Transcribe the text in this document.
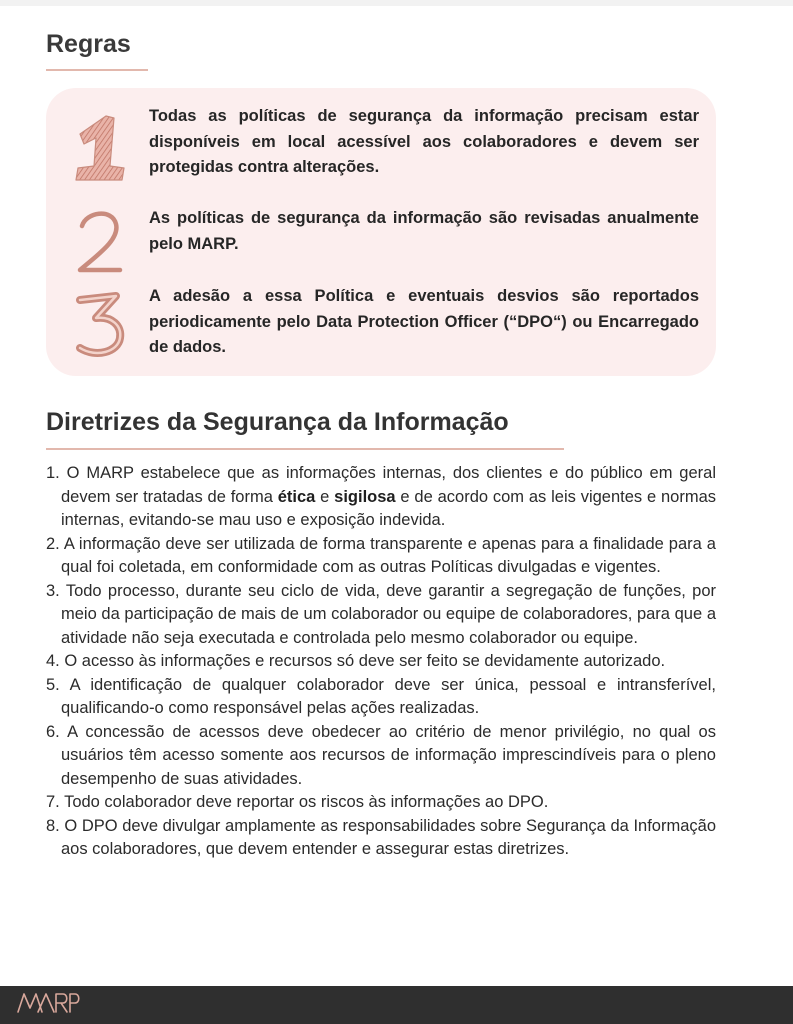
Regras

Todas as políticas de segurança da informação precisam estar disponíveis em local acessível aos colaboradores e devem ser protegidas contra alterações.

As políticas de segurança da informação são revisadas anualmente pelo MARP.

A adesão a essa Política e eventuais desvios são reportados periodicamente pelo Data Protection Officer (“DPO“) ou Encarregado de dados.

Diretrizes da Segurança da Informação
1. O MARP estabelece que as informações internas, dos clientes e do público em geral devem ser tratadas de forma ética e sigilosa e de acordo com as leis vigentes e normas internas, evitando-se mau uso e exposição indevida.
2. A informação deve ser utilizada de forma transparente e apenas para a finalidade para a qual foi coletada, em conformidade com as outras Políticas divulgadas e vigentes.
3. Todo processo, durante seu ciclo de vida, deve garantir a segregação de funções, por meio da participação de mais de um colaborador ou equipe de colaboradores, para que a atividade não seja executada e controlada pelo mesmo colaborador ou equipe.
4. O acesso às informações e recursos só deve ser feito se devidamente autorizado.
5. A identificação de qualquer colaborador deve ser única, pessoal e intransferível, qualificando-o como responsável pelas ações realizadas.
6. A concessão de acessos deve obedecer ao critério de menor privilégio, no qual os usuários têm acesso somente aos recursos de informação imprescindíveis para o pleno desempenho de suas atividades.
7. Todo colaborador deve reportar os riscos às informações ao DPO.
8. O DPO deve divulgar amplamente as responsabilidades sobre Segurança da Informação aos colaboradores, que devem entender e assegurar estas diretrizes.
